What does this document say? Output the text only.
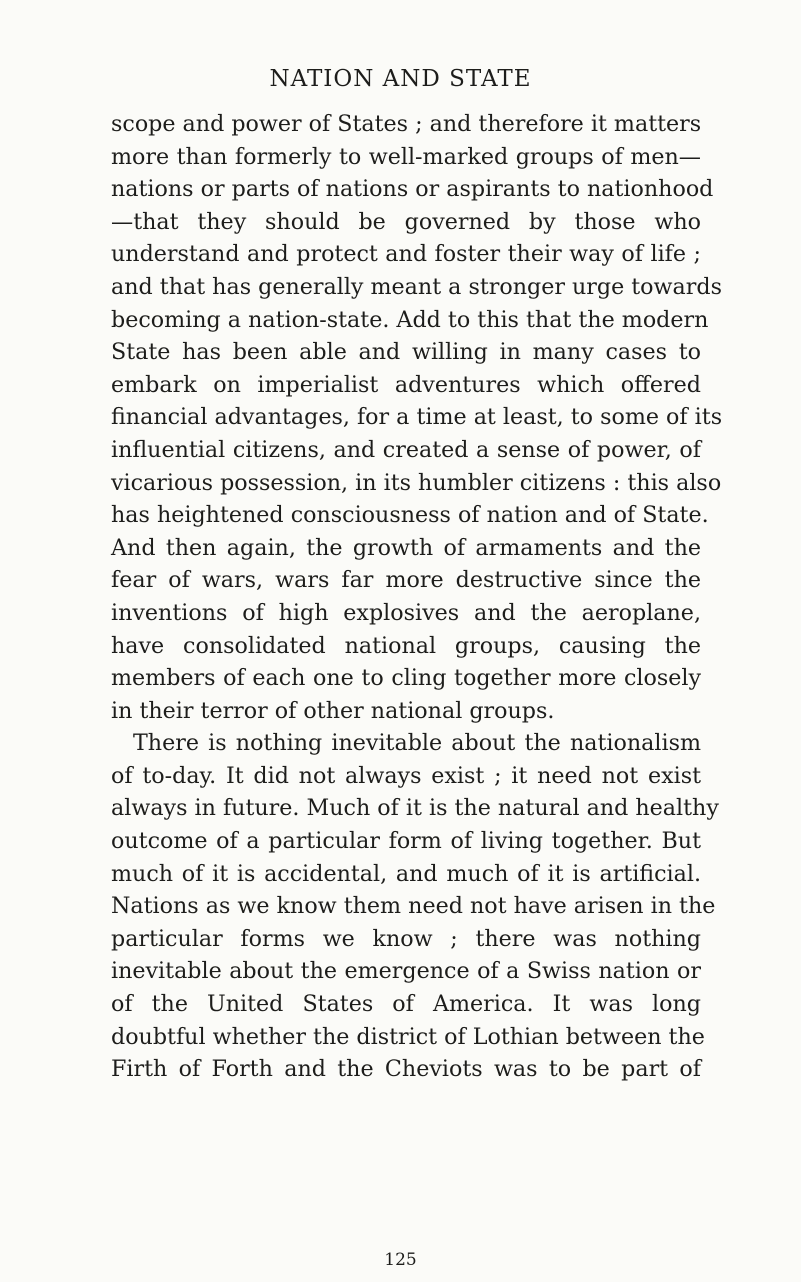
NATION AND STATE
scope and power of States ; and therefore it matters
more than formerly to well-marked groups of men—
nations or parts of nations or aspirants to nationhood
—that they should be governed by those who
understand and protect and foster their way of life ;
and that has generally meant a stronger urge towards
becoming a nation-state. Add to this that the modern
State has been able and willing in many cases to
embark on imperialist adventures which offered
financial advantages, for a time at least, to some of its
influential citizens, and created a sense of power, of
vicarious possession, in its humbler citizens : this also
has heightened consciousness of nation and of State.
And then again, the growth of armaments and the
fear of wars, wars far more destructive since the
inventions of high explosives and the aeroplane,
have consolidated national groups, causing the
members of each one to cling together more closely
in their terror of other national groups.
There is nothing inevitable about the nationalism
of to-day. It did not always exist ; it need not exist
always in future. Much of it is the natural and healthy
outcome of a particular form of living together. But
much of it is accidental, and much of it is artificial.
Nations as we know them need not have arisen in the
particular forms we know ; there was nothing
inevitable about the emergence of a Swiss nation or
of the United States of America. It was long
doubtful whether the district of Lothian between the
Firth of Forth and the Cheviots was to be part of
125
